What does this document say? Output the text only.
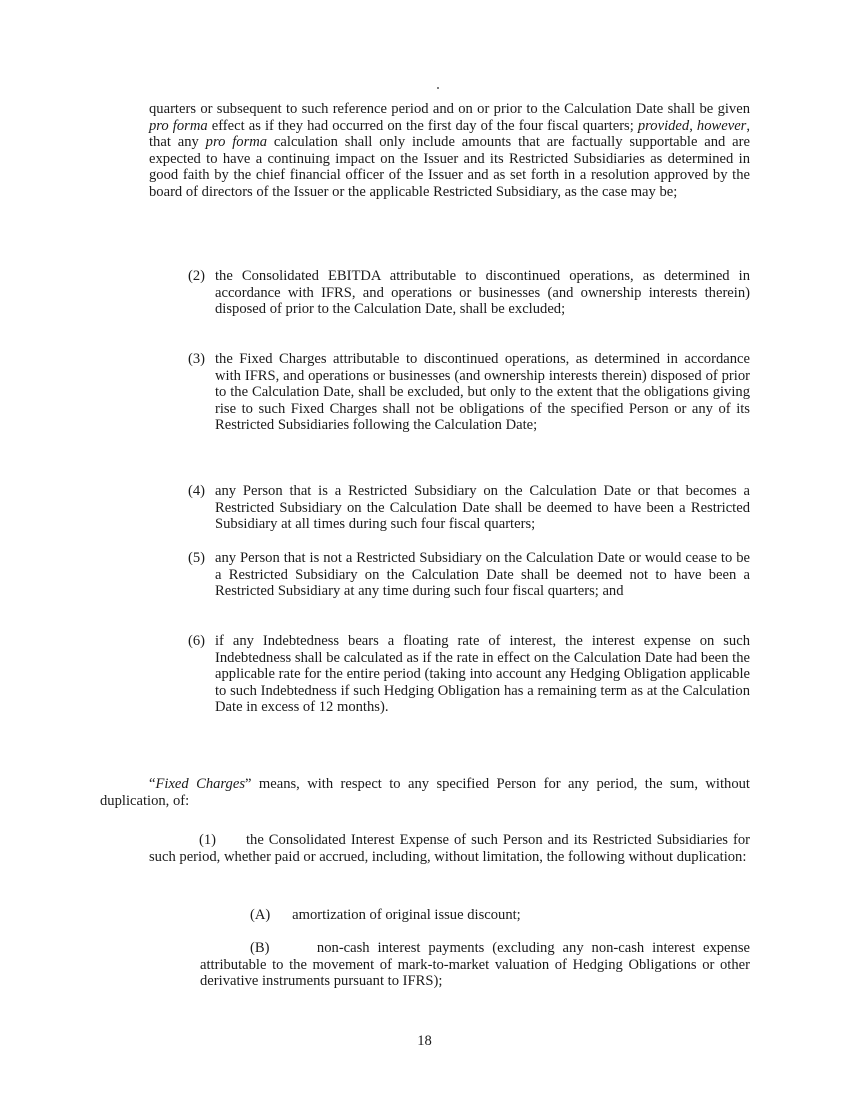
quarters or subsequent to such reference period and on or prior to the Calculation Date shall be given pro forma effect as if they had occurred on the first day of the four fiscal quarters; provided, however, that any pro forma calculation shall only include amounts that are factually supportable and are expected to have a continuing impact on the Issuer and its Restricted Subsidiaries as determined in good faith by the chief financial officer of the Issuer and as set forth in a resolution approved by the board of directors of the Issuer or the applicable Restricted Subsidiary, as the case may be;

(2) the Consolidated EBITDA attributable to discontinued operations, as determined in accordance with IFRS, and operations or businesses (and ownership interests therein) disposed of prior to the Calculation Date, shall be excluded;

(3) the Fixed Charges attributable to discontinued operations, as determined in accordance with IFRS, and operations or businesses (and ownership interests therein) disposed of prior to the Calculation Date, shall be excluded, but only to the extent that the obligations giving rise to such Fixed Charges shall not be obligations of the specified Person or any of its Restricted Subsidiaries following the Calculation Date;

(4) any Person that is a Restricted Subsidiary on the Calculation Date or that becomes a Restricted Subsidiary on the Calculation Date shall be deemed to have been a Restricted Subsidiary at all times during such four fiscal quarters;

(5) any Person that is not a Restricted Subsidiary on the Calculation Date or would cease to be a Restricted Subsidiary on the Calculation Date shall be deemed not to have been a Restricted Subsidiary at any time during such four fiscal quarters; and

(6) if any Indebtedness bears a floating rate of interest, the interest expense on such Indebtedness shall be calculated as if the rate in effect on the Calculation Date had been the applicable rate for the entire period (taking into account any Hedging Obligation applicable to such Indebtedness if such Hedging Obligation has a remaining term as at the Calculation Date in excess of 12 months).

“Fixed Charges” means, with respect to any specified Person for any period, the sum, without duplication, of:

(1)      the Consolidated Interest Expense of such Person and its Restricted Subsidiaries for such period, whether paid or accrued, including, without limitation, the following without duplication:

(A)      amortization of original issue discount;

(B)      non-cash interest payments (excluding any non-cash interest expense attributable to the movement of mark-to-market valuation of Hedging Obligations or other derivative instruments pursuant to IFRS);

18
